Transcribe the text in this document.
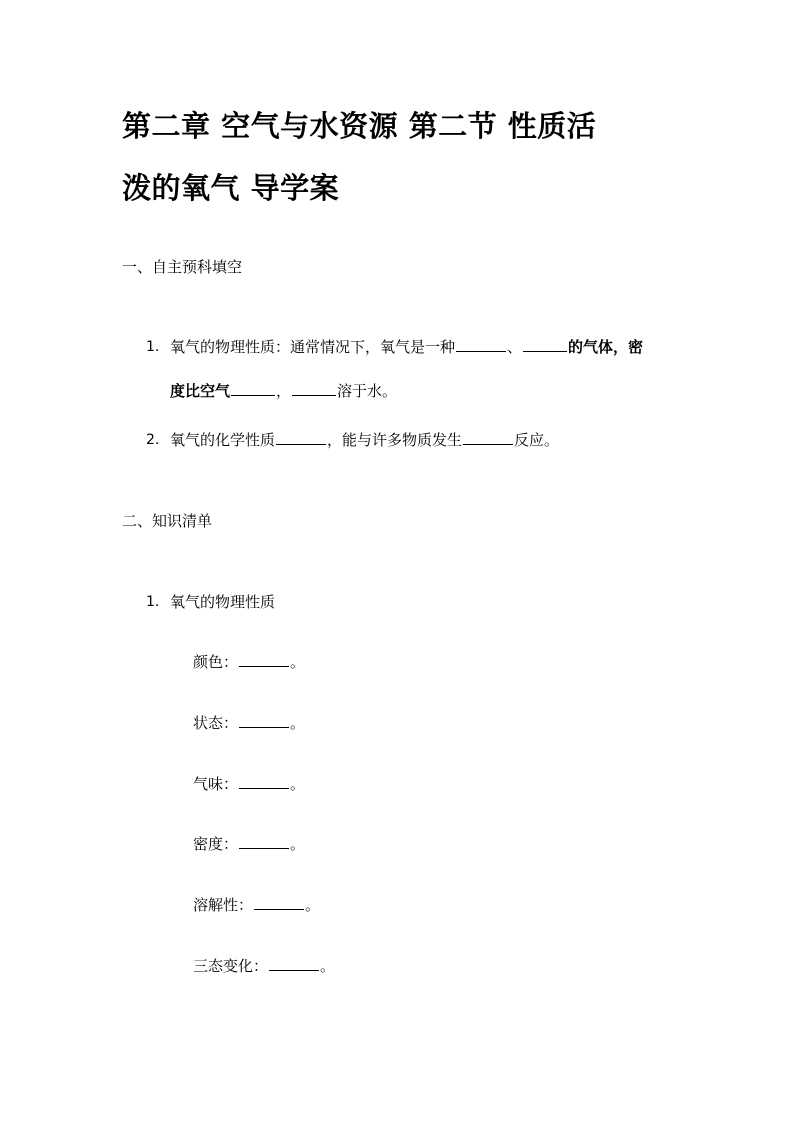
第二章 空气与水资源 第二节 性质活
泼的氧气 导学案
一、自主预科填空
1. 氧气的物理性质：通常情况下，氧气是一种	、	的气体，密
度比空气	，	溶于水。
2. 氧气的化学性质	，能与许多物质发生	反应。
二、知识清单
1. 氧气的物理性质
颜色：	。
状态：	。
气味：	。
密度：	。
溶解性：	。
三态变化：	。
